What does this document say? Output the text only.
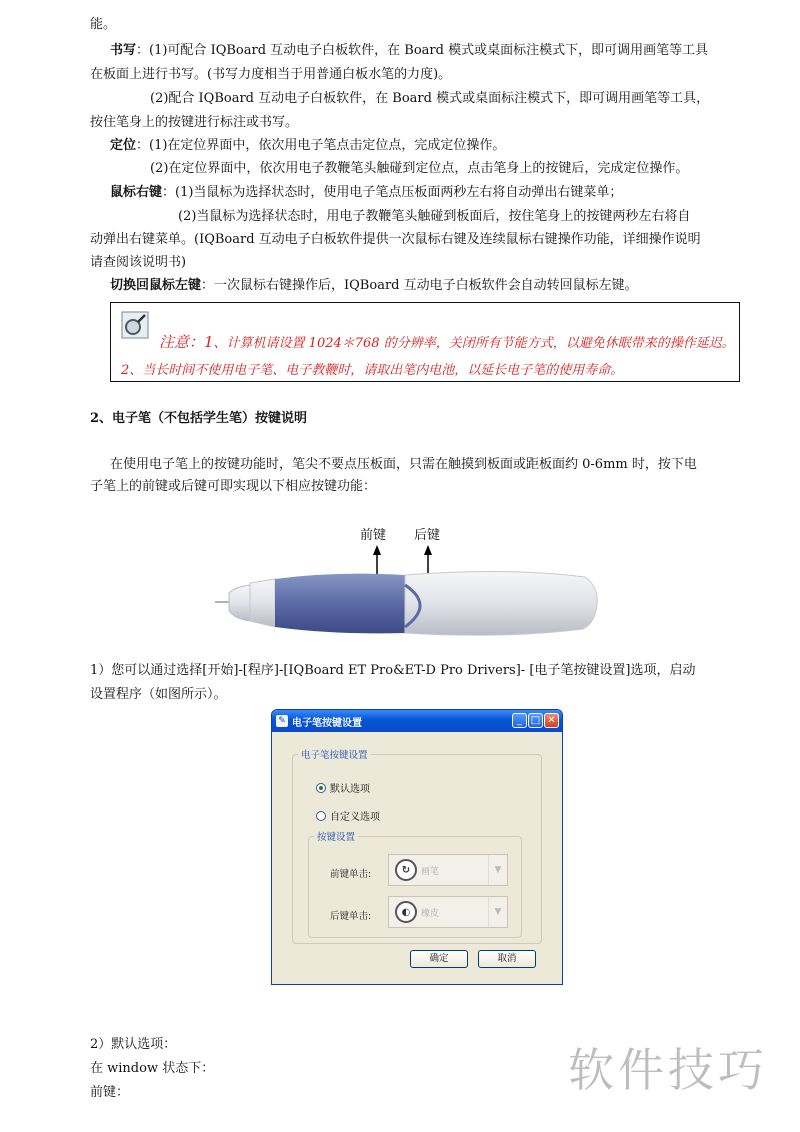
能。
书写：(1)可配合 IQBoard 互动电子白板软件，在 Board 模式或桌面标注模式下，即可调用画笔等工具
在板面上进行书写。(书写力度相当于用普通白板水笔的力度)。
(2)配合 IQBoard 互动电子白板软件，在 Board 模式或桌面标注模式下，即可调用画笔等工具，
按住笔身上的按键进行标注或书写。
定位：(1)在定位界面中，依次用电子笔点击定位点，完成定位操作。
(2)在定位界面中，依次用电子教鞭笔头触碰到定位点，点击笔身上的按键后，完成定位操作。
鼠标右键：(1)当鼠标为选择状态时，使用电子笔点压板面两秒左右将自动弹出右键菜单；
(2)当鼠标为选择状态时，用电子教鞭笔头触碰到板面后，按住笔身上的按键两秒左右将自
动弹出右键菜单。(IQBoard 互动电子白板软件提供一次鼠标右键及连续鼠标右键操作功能，详细操作说明
请查阅该说明书)
切换回鼠标左键：一次鼠标右键操作后，IQBoard 互动电子白板软件会自动转回鼠标左键。
注意：1、计算机请设置 1024＊768 的分辨率，关闭所有节能方式，以避免休眠带来的操作延迟。
2、当长时间不使用电子笔、电子教鞭时，请取出笔内电池，以延长电子笔的使用寿命。
2、电子笔（不包括学生笔）按键说明
在使用电子笔上的按键功能时，笔尖不要点压板面，只需在触摸到板面或距板面约 0-6mm 时，按下电
子笔上的前键或后键可即实现以下相应按键功能：
前键 后键
1）您可以通过选择[开始]-[程序]-[IQBoard ET Pro&ET-D Pro Drivers]- [电子笔按键设置]选项，启动
设置程序（如图所示）。
✎ 电子笔按键设置	_ □ ✕
电子笔按键设置
默认选项
自定义选项
按键设置
前键单击:	↻	画笔	▼
后键单击:	◐	橡皮	▼
确定	取消
2）默认选项：
在 window 状态下：
前键：	软件技巧
